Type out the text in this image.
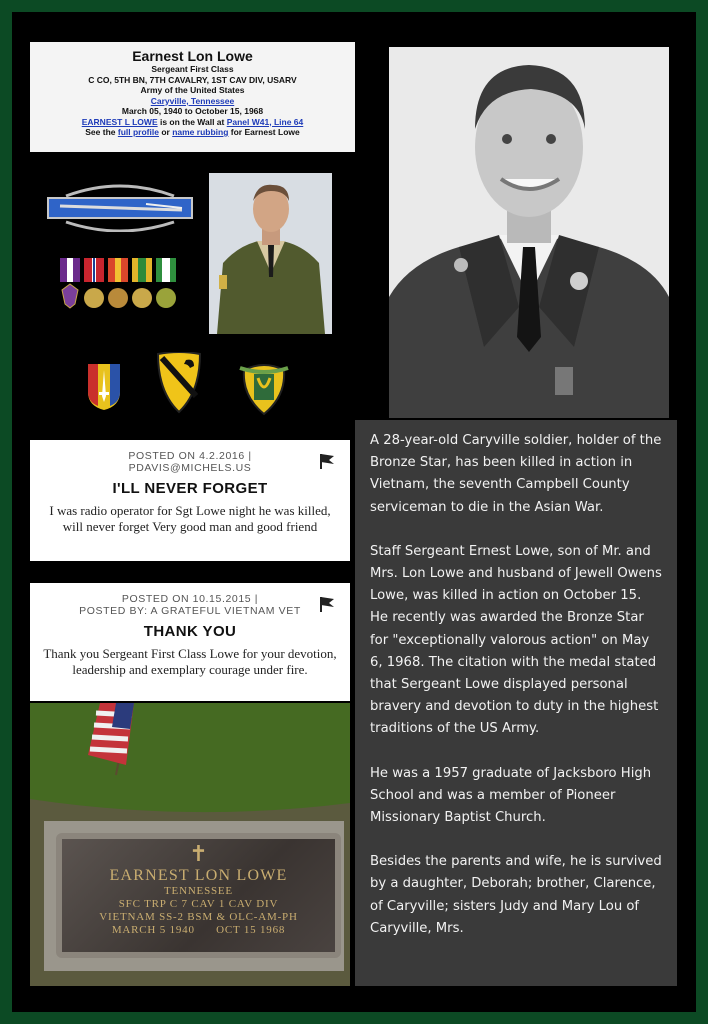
Earnest Lon Lowe
Sergeant First Class
C CO, 5TH BN, 7TH CAVALRY, 1ST CAV DIV, USARV
Army of the United States
Caryville, Tennessee
March 05, 1940 to October 15, 1968
EARNEST L LOWE is on the Wall at Panel W41, Line 64
See the full profile or name rubbing for Earnest Lowe
POSTED ON 4.2.2016 |
PDAVIS@MICHELS.US
I'LL NEVER FORGET
I was radio operator for Sgt Lowe night he was killed, will never forget Very good man and good friend
POSTED ON 10.15.2015 |
POSTED BY: A GRATEFUL VIETNAM VET
THANK YOU
Thank you Sergeant First Class Lowe for your devotion, leadership and exemplary courage under fire.
✝
EARNEST LON LOWE
TENNESSEE
SFC TRP C 7 CAV 1 CAV DIV
VIETNAM SS-2 BSM & OLC-AM-PH
MARCH 5 1940      OCT 15 1968

A 28-year-old Caryville soldier, holder of the Bronze Star, has been killed in action in Vietnam, the seventh Campbell County serviceman to die in the Asian War.

Staff Sergeant Ernest Lowe, son of Mr. and Mrs. Lon Lowe and husband of Jewell Owens Lowe, was killed in action on October 15. He recently was awarded the Bronze Star for "exceptionally valorous action" on May 6, 1968. The citation with the medal stated that Sergeant Lowe displayed personal bravery and devotion to duty in the highest traditions of the US Army.

He was a 1957 graduate of Jacksboro High School and was a member of Pioneer Missionary Baptist Church.

Besides the parents and wife, he is survived by a daughter, Deborah; brother, Clarence, of Caryville; sisters Judy and Mary Lou of Caryville, Mrs.
